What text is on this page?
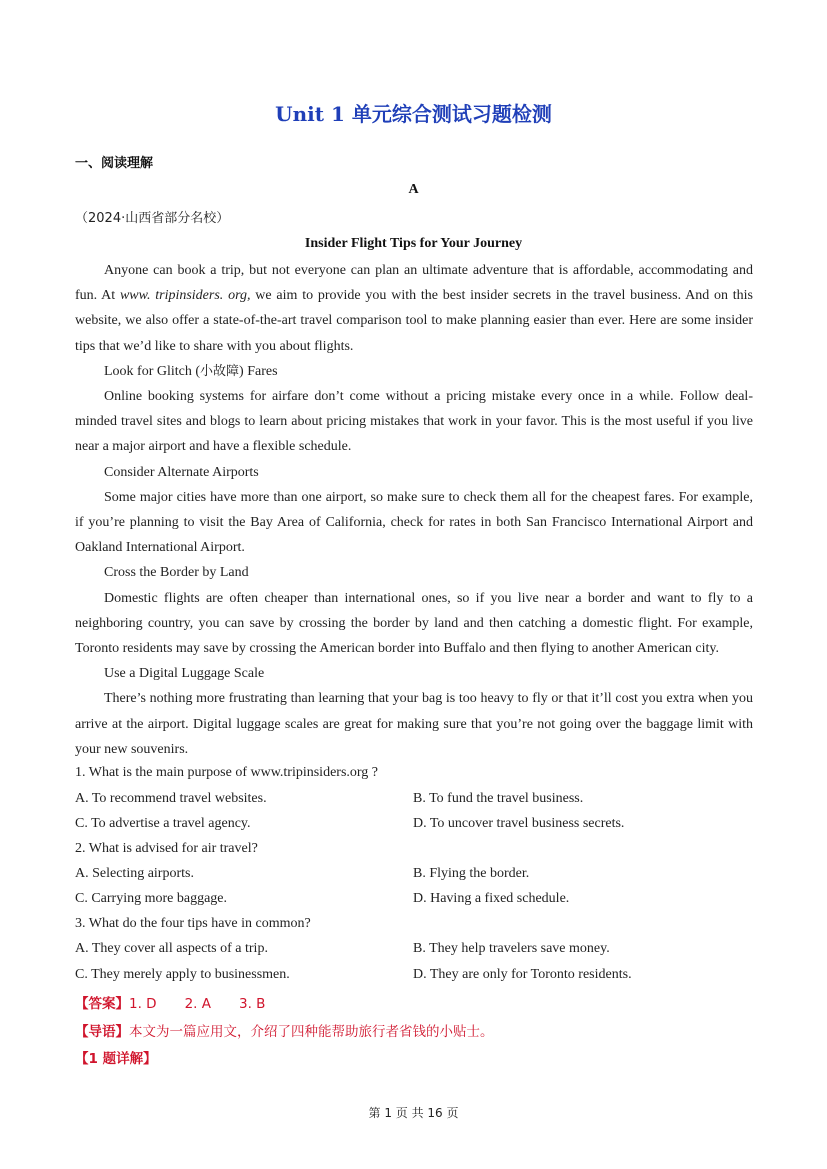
Unit 1 单元综合测试习题检测
一、阅读理解
A
（2024·山西省部分名校）
Insider Flight Tips for Your Journey

Anyone can book a trip, but not everyone can plan an ultimate adventure that is affordable, accommodating and fun. At www. tripinsiders. org, we aim to provide you with the best insider secrets in the travel business. And on this website, we also offer a state-of-the-art travel comparison tool to make planning easier than ever. Here are some insider tips that we’d like to share with you about flights.

Look for Glitch (小故障) Fares

Online booking systems for airfare don’t come without a pricing mistake every once in a while. Follow deal-minded travel sites and blogs to learn about pricing mistakes that work in your favor. This is the most useful if you live near a major airport and have a flexible schedule.

Consider Alternate Airports

Some major cities have more than one airport, so make sure to check them all for the cheapest fares. For example, if you’re planning to visit the Bay Area of California, check for rates in both San Francisco International Airport and Oakland International Airport.

Cross the Border by Land

Domestic flights are often cheaper than international ones, so if you live near a border and want to fly to a neighboring country, you can save by crossing the border by land and then catching a domestic flight. For example, Toronto residents may save by crossing the American border into Buffalo and then flying to another American city.

Use a Digital Luggage Scale

There’s nothing more frustrating than learning that your bag is too heavy to fly or that it’ll cost you extra when you arrive at the airport. Digital luggage scales are great for making sure that you’re not going over the baggage limit with your new souvenirs.

1. What is the main purpose of www.tripinsiders.org ?
A. To recommend travel websites.	B. To fund the travel business.
C. To advertise a travel agency.	D. To uncover travel business secrets.
2. What is advised for air travel?
A. Selecting airports.	B. Flying the border.
C. Carrying more baggage.	D. Having a fixed schedule.
3. What do the four tips have in common?
A. They cover all aspects of a trip.	B. They help travelers save money.
C. They merely apply to businessmen.	D. They are only for Toronto residents.
【答案】1. D 2. A 3. B
【导语】本文为一篇应用文，介绍了四种能帮助旅行者省钱的小贴士。
【1 题详解】
第 1 页 共 16 页
